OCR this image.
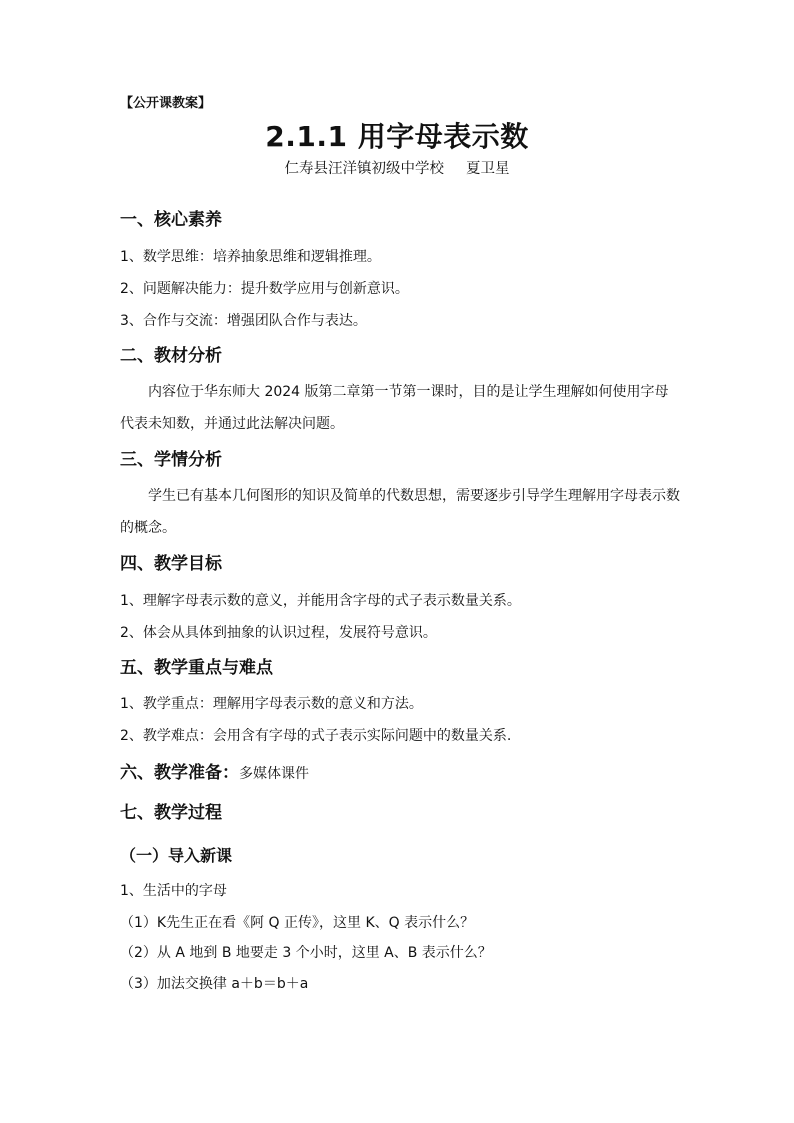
【公开课教案】
2.1.1 用字母表示数
仁寿县汪洋镇初级中学校 夏卫星
一、核心素养
1、数学思维：培养抽象思维和逻辑推理。
2、问题解决能力：提升数学应用与创新意识。
3、合作与交流：增强团队合作与表达。
二、教材分析
内容位于华东师大 2024 版第二章第一节第一课时，目的是让学生理解如何使用字母代表未知数，并通过此法解决问题。
三、学情分析
学生已有基本几何图形的知识及简单的代数思想，需要逐步引导学生理解用字母表示数的概念。
四、教学目标
1、理解字母表示数的意义，并能用含字母的式子表示数量关系。
2、体会从具体到抽象的认识过程，发展符号意识。
五、教学重点与难点
1、教学重点：理解用字母表示数的意义和方法。
2、教学难点：会用含有字母的式子表示实际问题中的数量关系.
六、教学准备：多媒体课件
七、教学过程
（一）导入新课
1、生活中的字母
（1）K先生正在看《阿 Q 正传》，这里 K、Q 表示什么？
（2）从 A 地到 B 地要走 3 个小时，这里 A、B 表示什么？
（3）加法交换律 a＋b＝b＋a
